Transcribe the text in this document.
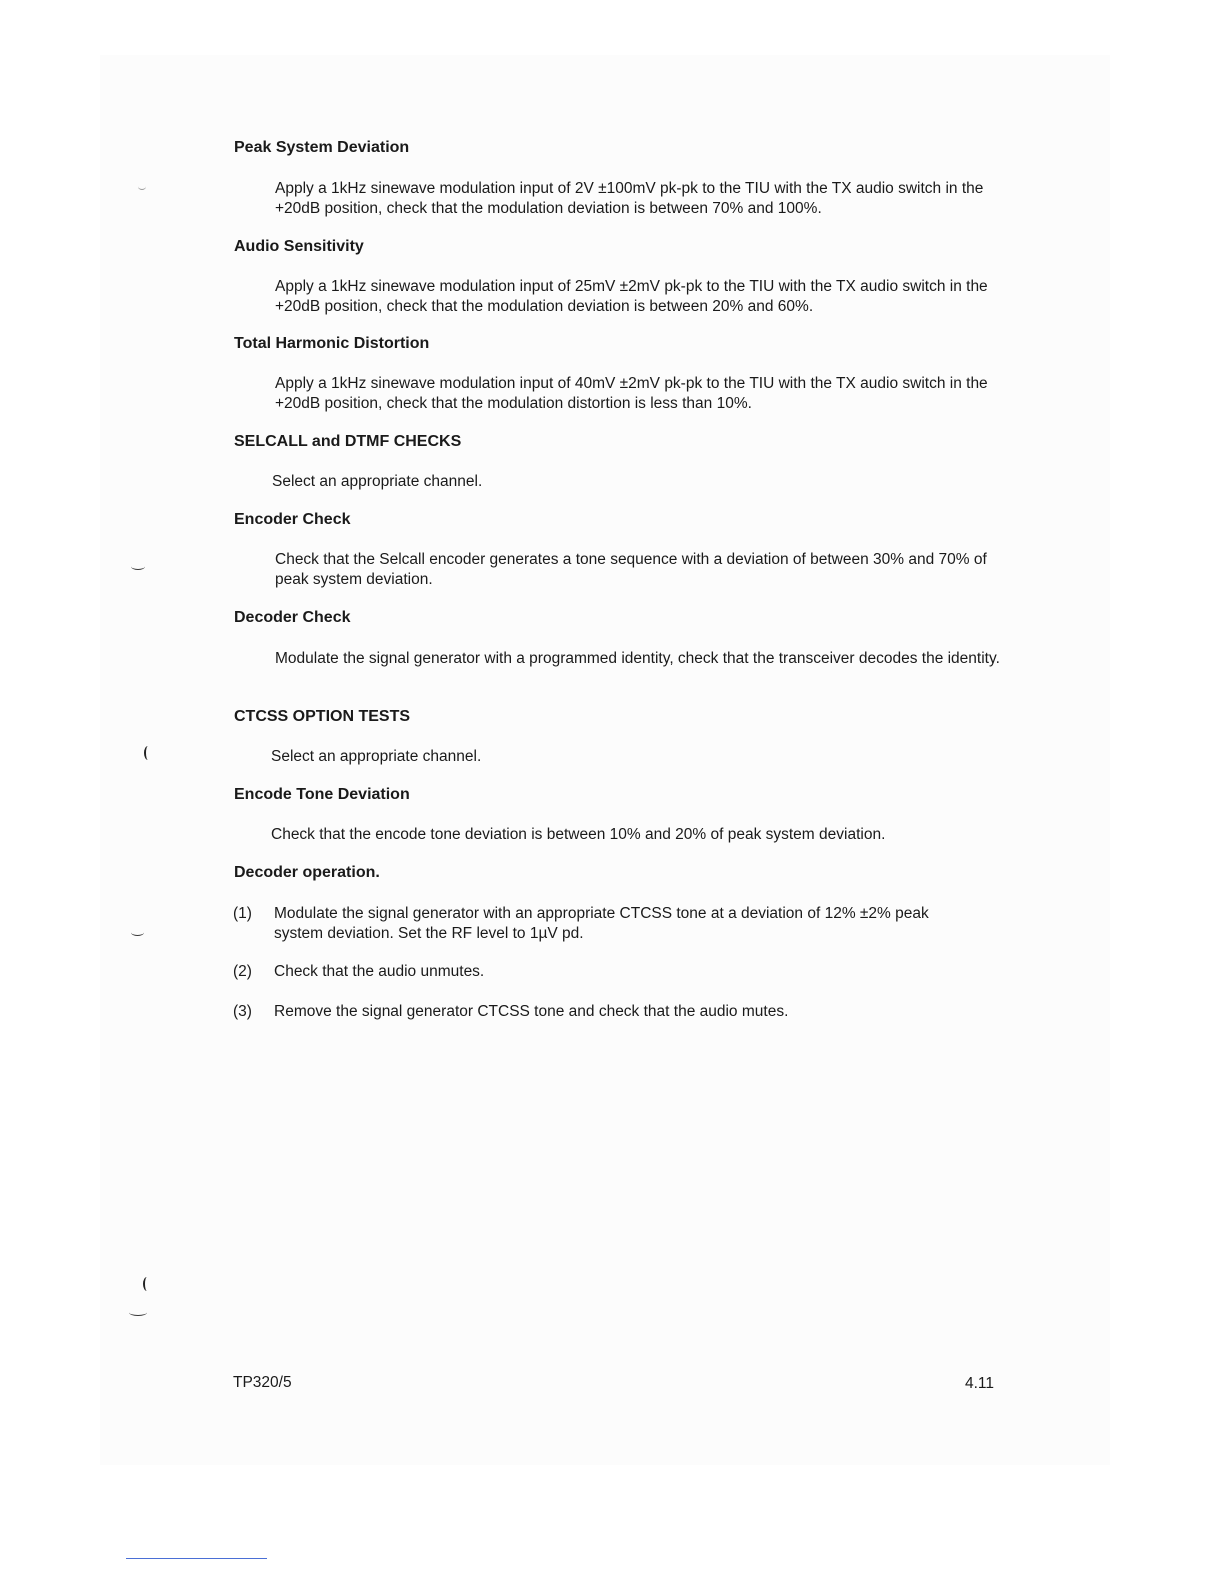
Peak System Deviation

Apply a 1kHz sinewave modulation input of 2V ±100mV pk-pk to the TIU with the TX audio switch in the +20dB position, check that the modulation deviation is between 70% and 100%.

Audio Sensitivity

Apply a 1kHz sinewave modulation input of 25mV ±2mV pk-pk to the TIU with the TX audio switch in the +20dB position, check that the modulation deviation is between 20% and 60%.

Total Harmonic Distortion

Apply a 1kHz sinewave modulation input of 40mV ±2mV pk-pk to the TIU with the TX audio switch in the +20dB position, check that the modulation distortion is less than 10%.

SELCALL and DTMF CHECKS

Select an appropriate channel.

Encoder Check

Check that the Selcall encoder generates a tone sequence with a deviation of between 30% and 70% of peak system deviation.

Decoder Check

Modulate the signal generator with a programmed identity, check that the transceiver decodes the identity.

CTCSS OPTION TESTS

Select an appropriate channel.

Encode Tone Deviation

Check that the encode tone deviation is between 10% and 20% of peak system deviation.

Decoder operation.
(1) Modulate the signal generator with an appropriate CTCSS tone at a deviation of 12% ±2% peak system deviation. Set the RF level to 1µV pd.

(2) Check that the audio unmutes.

(3) Remove the signal generator CTCSS tone and check that the audio mutes.

TP320/5	4.11
